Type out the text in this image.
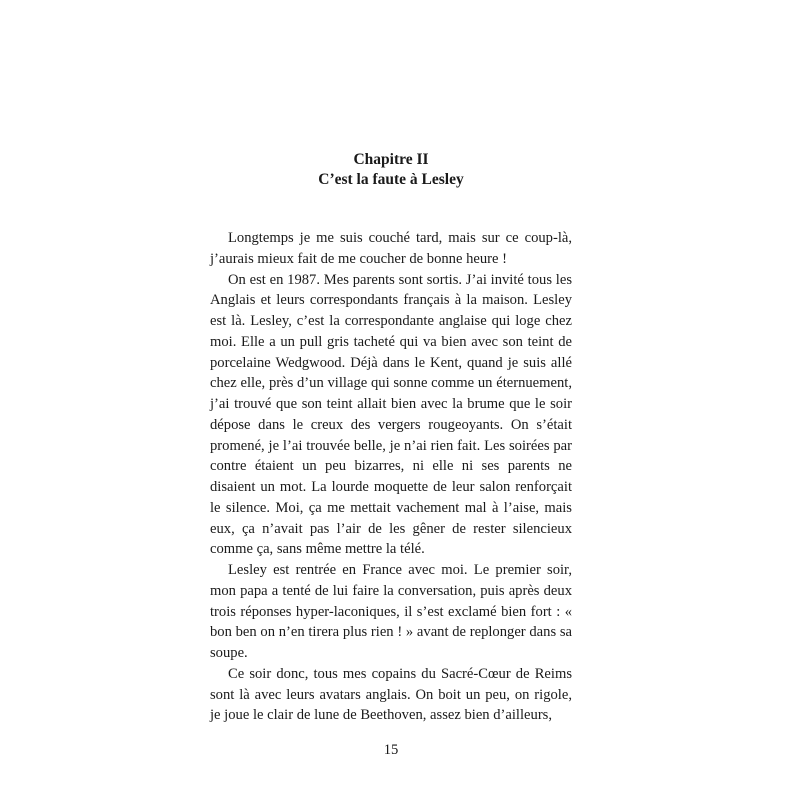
Chapitre II
C’est la faute à Lesley

Longtemps je me suis couché tard, mais sur ce coup-là, j’aurais mieux fait de me coucher de bonne heure !

On est en 1987. Mes parents sont sortis. J’ai invité tous les Anglais et leurs correspondants français à la maison. Lesley est là. Lesley, c’est la correspondante anglaise qui loge chez moi. Elle a un pull gris tacheté qui va bien avec son teint de porcelaine Wedgwood. Déjà dans le Kent, quand je suis allé chez elle, près d’un village qui sonne comme un éternuement, j’ai trouvé que son teint allait bien avec la brume que le soir dépose dans le creux des vergers rougeoyants. On s’était promené, je l’ai trouvée belle, je n’ai rien fait. Les soirées par contre étaient un peu bizarres, ni elle ni ses parents ne disaient un mot. La lourde moquette de leur salon renforçait le silence. Moi, ça me mettait vachement mal à l’aise, mais eux, ça n’avait pas l’air de les gêner de rester silencieux comme ça, sans même mettre la télé.

Lesley est rentrée en France avec moi. Le premier soir, mon papa a tenté de lui faire la conversation, puis après deux trois réponses hyper-laconiques, il s’est exclamé bien fort : « bon ben on n’en tirera plus rien ! » avant de replonger dans sa soupe.

Ce soir donc, tous mes copains du Sacré-Cœur de Reims sont là avec leurs avatars anglais. On boit un peu, on rigole, je joue le clair de lune de Beethoven, assez bien d’ailleurs,

15
